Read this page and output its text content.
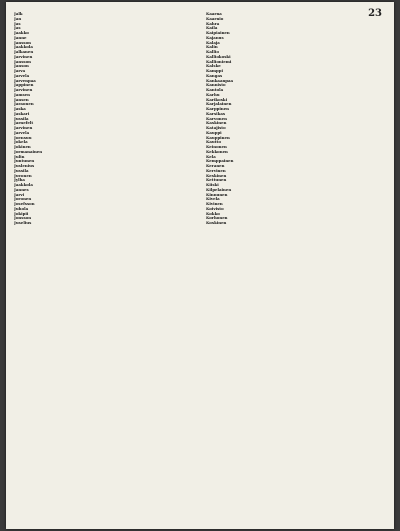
23

Jalk

Jan

Jas

Jas

Jaakko

Janne

Jansson

Jaakkola

Jalkanen

Jarvinen

Jansson

Janson

Jarva

Jarvela

Jarvenpaa

Jappinen

Jarvinen

Jamsen

Jansen

Jaraonen

Jaska

Jaskari

Jussila

Jarnefelt

Jarvinen

Jarvela

Joensuu

Jokela

Jokinen

Jormanainen

Julin

Juntunen

Juslenius

Jussila

Juvonen

Jylha

Jaakkola

Jannes

Jarvi

Joronen

Josefsson

Juhola

Jokipii

Jonsson

Juselius

Kaarna

Kaarnio

Kahra

Kaila

Kaipiainen

Kajanus

Kalaja

Kalin

Kallio

Kalliokoski

Kallioniemi

Kalske

Kamppi

Kangas

Kankaanpaa

Kannisto

Kantola

Karhu

Karikoski

Karjalainen

Karppinen

Karsikas

Karvonen

Kaskinen

Katajisto

Kauppi

Kauppinen

Kautto

Keinonen

Kekkonen

Kela

Kemppainen

Keranen

Kervinen

Keskinen

Kettunen

Kiiski

Kilpelainen

Kinnunen

Kivela

Kivinen

Koivisto

Kokko

Korhonen

Koskinen
